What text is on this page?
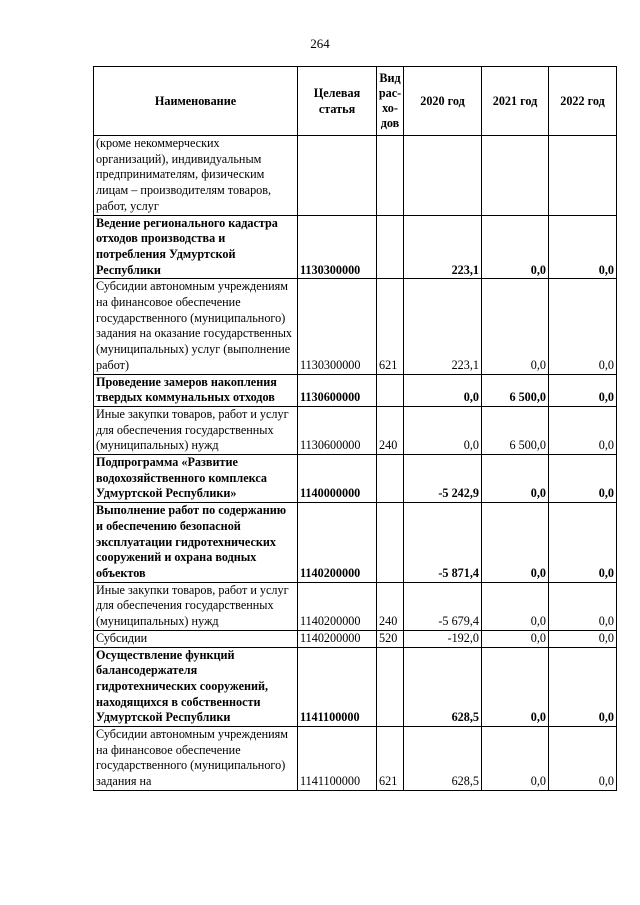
264
Наименование	Целевая статья	Вид рас-хо-дов	2020 год	2021 год	2022 год
(кроме некоммерческих организаций), индивидуальным предпринимателям, физическим лицам – производителям товаров, работ, услуг					
Ведение регионального кадастра отходов производства и потребления Удмуртской Республики	1130300000		223,1	0,0	0,0
Субсидии автономным учреждениям на финансовое обеспечение государственного (муниципального) задания на оказание государственных (муниципальных) услуг (выполнение работ)	1130300000	621	223,1	0,0	0,0
Проведение замеров накопления твердых коммунальных отходов	1130600000		0,0	6 500,0	0,0
Иные закупки товаров, работ и услуг для обеспечения государственных (муниципальных) нужд	1130600000	240	0,0	6 500,0	0,0
Подпрограмма «Развитие водохозяйственного комплекса Удмуртской Республики»	1140000000		-5 242,9	0,0	0,0
Выполнение работ по содержанию и обеспечению безопасной эксплуатации гидротехнических сооружений и охрана водных объектов	1140200000		-5 871,4	0,0	0,0
Иные закупки товаров, работ и услуг для обеспечения государственных (муниципальных) нужд	1140200000	240	-5 679,4	0,0	0,0
Субсидии	1140200000	520	-192,0	0,0	0,0
Осуществление функций балансодержателя гидротехнических сооружений, находящихся в собственности Удмуртской Республики	1141100000		628,5	0,0	0,0
Субсидии автономным учреждениям на финансовое обеспечение государственного (муниципального) задания на	1141100000	621	628,5	0,0	0,0
